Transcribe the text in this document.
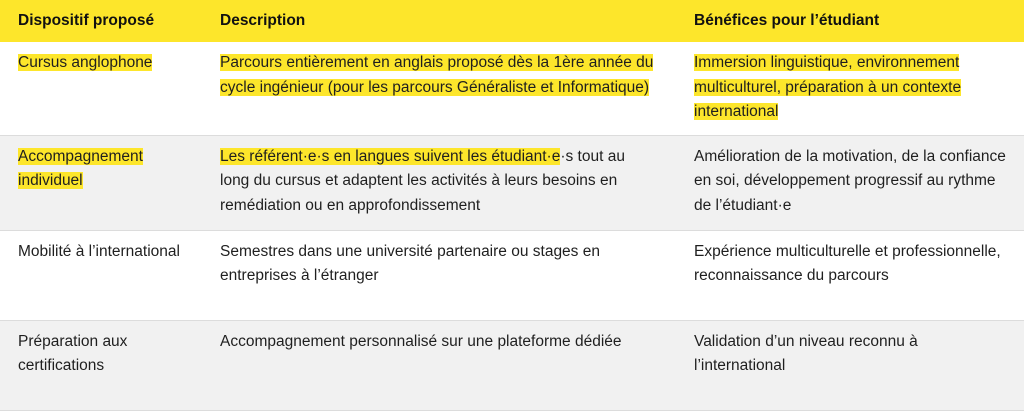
Dispositif proposé	Description	Bénéfices pour l’étudiant
Cursus anglophone	Parcours entièrement en anglais proposé dès la 1ère année du cycle ingénieur (pour les parcours Généraliste et Informatique)	Immersion linguistique, environnement multiculturel, préparation à un contexte international
Accompagnement individuel	Les référent·e·s en langues suivent les étudiant·e·s tout au long du cursus et adaptent les activités à leurs besoins en remédiation ou en approfondissement	Amélioration de la motivation, de la confiance en soi, développement progressif au rythme de l’étudiant·e
Mobilité à l’international	Semestres dans une université partenaire ou stages en entreprises à l’étranger	Expérience multiculturelle et professionnelle, reconnaissance du parcours
Préparation aux certifications	Accompagnement personnalisé sur une plateforme dédiée	Validation d’un niveau reconnu à l’international
